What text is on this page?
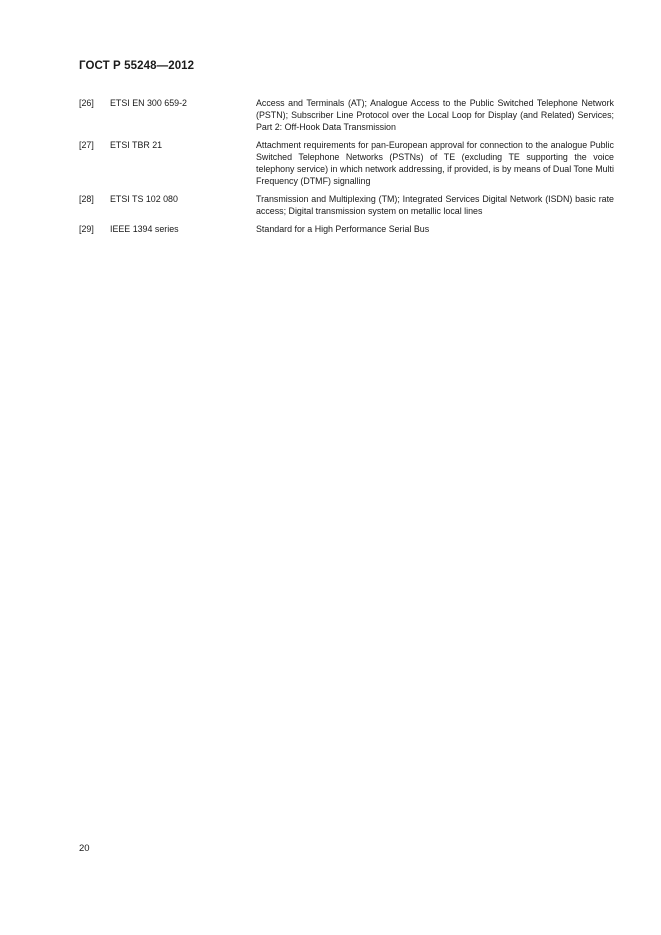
ГОСТ Р 55248—2012
[26]	ETSI EN 300 659-2	Access and Terminals (AT); Analogue Access to the Public Switched Telephone Network (PSTN); Subscriber Line Protocol over the Local Loop for Display (and Related) Services; Part 2: Off-Hook Data Transmission
[27]	ETSI TBR 21	Attachment requirements for pan-European approval for connection to the analogue Public Switched Telephone Networks (PSTNs) of TE (excluding TE supporting the voice telephony service) in which network addressing, if provided, is by means of Dual Tone Multi Frequency (DTMF) signalling
[28]	ETSI TS 102 080	Transmission and Multiplexing (TM); Integrated Services Digital Network (ISDN) basic rate access; Digital transmission system on metallic local lines
[29]	IEEE 1394 series	Standard for a High Performance Serial Bus
20
